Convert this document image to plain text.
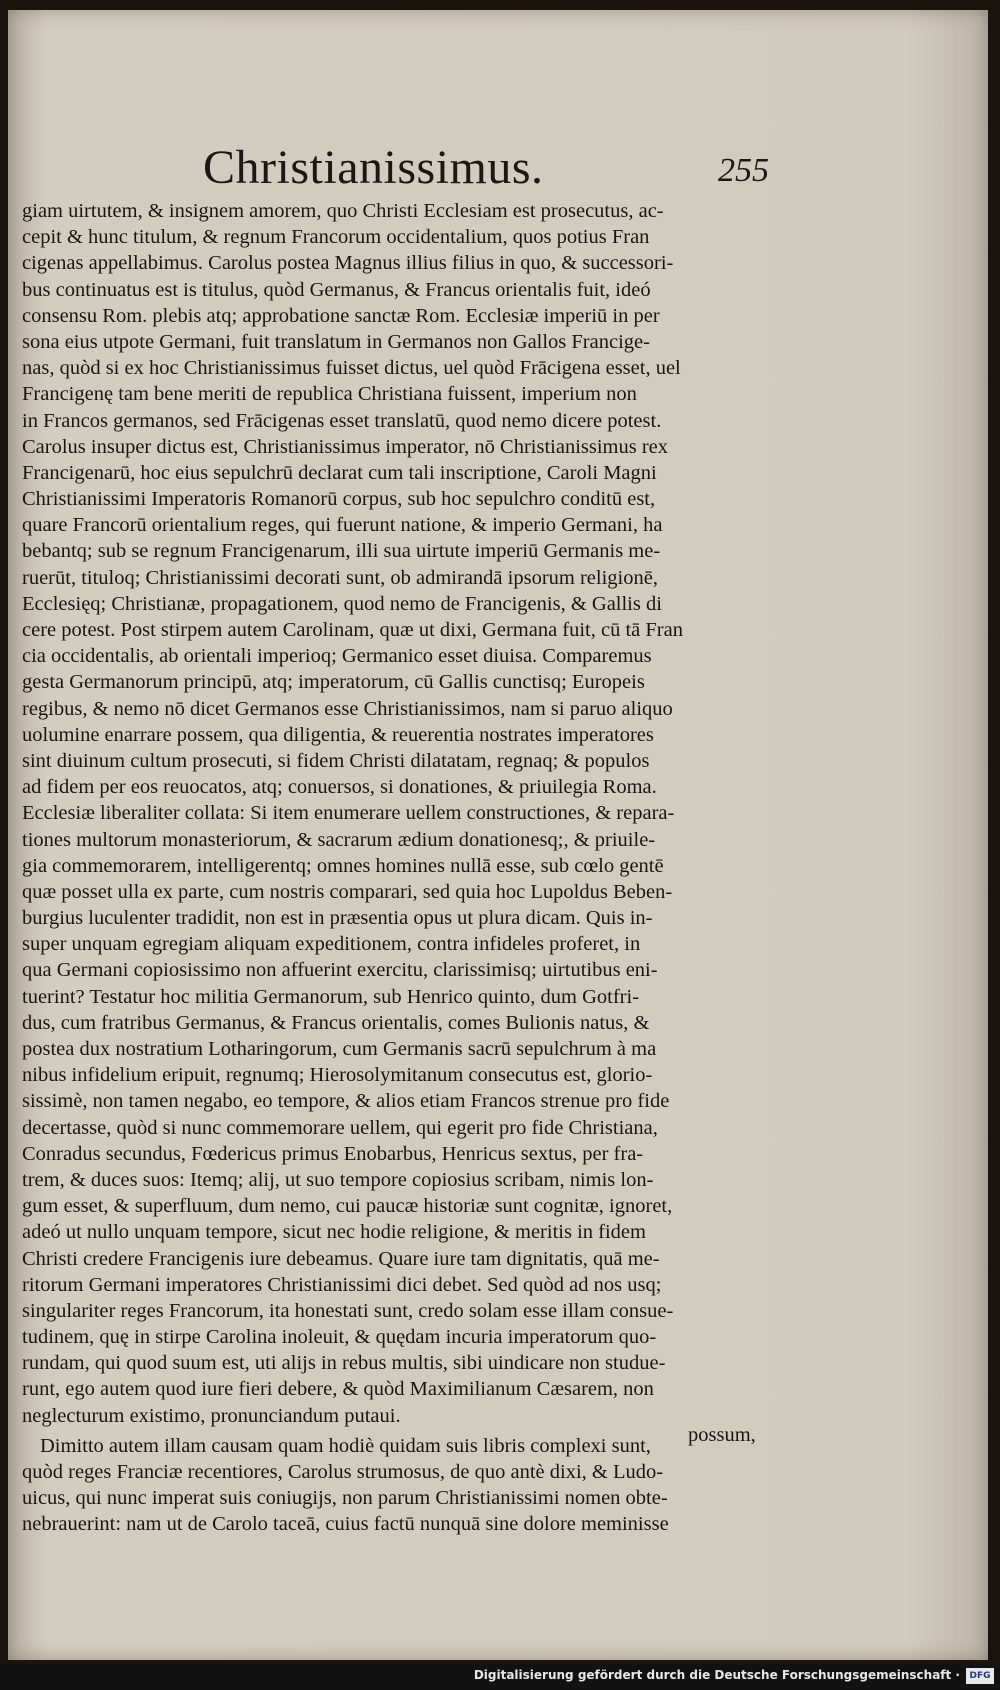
Christianissimus.	255
giam uirtutem, & insignem amorem, quo Christi Ecclesiam est prosecutus, ac-
cepit & hunc titulum, & regnum Francorum occidentalium, quos potius Fran
cigenas appellabimus. Carolus postea Magnus illius filius in quo, & successori-
bus continuatus est is titulus, quòd Germanus, & Francus orientalis fuit, ideó
consensu Rom. plebis atq; approbatione sanctæ Rom. Ecclesiæ imperiū in per
sona eius utpote Germani, fuit translatum in Germanos non Gallos Francige-
nas, quòd si ex hoc Christianissimus fuisset dictus, uel quòd Frācigena esset, uel
Francigenę tam bene meriti de republica Christiana fuissent, imperium non
in Francos germanos, sed Frācigenas esset translatū, quod nemo dicere potest.
Carolus insuper dictus est, Christianissimus imperator, nō Christianissimus rex
Francigenarū, hoc eius sepulchrū declarat cum tali inscriptione, Caroli Magni
Christianissimi Imperatoris Romanorū corpus, sub hoc sepulchro conditū est,
quare Francorū orientalium reges, qui fuerunt natione, & imperio Germani, ha
bebantq; sub se regnum Francigenarum, illi sua uirtute imperiū Germanis me-
ruerūt, tituloq; Christianissimi decorati sunt, ob admirandā ipsorum religionē,
Ecclesięq; Christianæ, propagationem, quod nemo de Francigenis, & Gallis di
cere potest. Post stirpem autem Carolinam, quæ ut dixi, Germana fuit, cū tā Fran
cia occidentalis, ab orientali imperioq; Germanico esset diuisa. Comparemus
gesta Germanorum principū, atq; imperatorum, cū Gallis cunctisq; Europeis
regibus, & nemo nō dicet Germanos esse Christianissimos, nam si paruo aliquo
uolumine enarrare possem, qua diligentia, & reuerentia nostrates imperatores
sint diuinum cultum prosecuti, si fidem Christi dilatatam, regnaq; & populos
ad fidem per eos reuocatos, atq; conuersos, si donationes, & priuilegia Roma.
Ecclesiæ liberaliter collata: Si item enumerare uellem constructiones, & repara-
tiones multorum monasteriorum, & sacrarum ædium donationesq;, & priuile-
gia commemorarem, intelligerentq; omnes homines nullā esse, sub cœlo gentē
quæ posset ulla ex parte, cum nostris comparari, sed quia hoc Lupoldus Beben-
burgius luculenter tradidit, non est in præsentia opus ut plura dicam. Quis in-
super unquam egregiam aliquam expeditionem, contra infideles proferet, in
qua Germani copiosissimo non affuerint exercitu, clarissimisq; uirtutibus eni-
tuerint? Testatur hoc militia Germanorum, sub Henrico quinto, dum Gotfri-
dus, cum fratribus Germanus, & Francus orientalis, comes Bulionis natus, &
postea dux nostratium Lotharingorum, cum Germanis sacrū sepulchrum à ma
nibus infidelium eripuit, regnumq; Hierosolymitanum consecutus est, glorio-
sissimè, non tamen negabo, eo tempore, & alios etiam Francos strenue pro fide
decertasse, quòd si nunc commemorare uellem, qui egerit pro fide Christiana,
Conradus secundus, Fœdericus primus Enobarbus, Henricus sextus, per fra-
trem, & duces suos: Itemq; alij, ut suo tempore copiosius scribam, nimis lon-
gum esset, & superfluum, dum nemo, cui paucæ historiæ sunt cognitæ, ignoret,
adeó ut nullo unquam tempore, sicut nec hodie religione, & meritis in fidem
Christi credere Francigenis iure debeamus. Quare iure tam dignitatis, quā me-
ritorum Germani imperatores Christianissimi dici debet. Sed quòd ad nos usq;
singulariter reges Francorum, ita honestati sunt, credo solam esse illam consue-
tudinem, quę in stirpe Carolina inoleuit, & quędam incuria imperatorum quo-
rundam, qui quod suum est, uti alijs in rebus multis, sibi uindicare non studue-
runt, ego autem quod iure fieri debere, & quòd Maximilianum Cæsarem, non
neglecturum existimo, pronunciandum putaui.
Dimitto autem illam causam quam hodiè quidam suis libris complexi sunt,
quòd reges Franciæ recentiores, Carolus strumosus, de quo antè dixi, & Ludo-
uicus, qui nunc imperat suis coniugijs, non parum Christianissimi nomen obte-
nebrauerint: nam ut de Carolo taceā, cuius factū nunquā sine dolore meminisse
possum,
Digitalisierung gefördert durch die Deutsche Forschungsgemeinschaft ·	DFG
